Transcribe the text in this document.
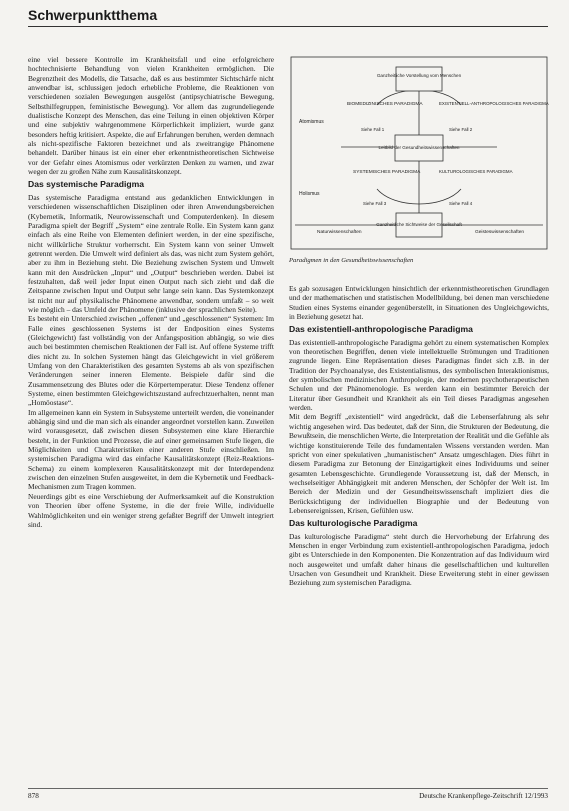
Schwerpunktthema

eine viel bessere Kontrolle im Krankheitsfall und eine erfolgreichere hochtechnisierte Behandlung von vielen Krankheiten ermöglichen. Die Begrenztheit des Modells, die Tatsache, daß es aus bestimmter Sichtschärfe nicht anwendbar ist, schlussigen jedoch erhebliche Probleme, die Reaktionen von verschiedenen sozialen Bewegungen ausgelöst (antipsychiatrische Bewegung, Selbsthilfegruppen, feministische Bewegung). Vor allem das zugrundeliegende dualistische Konzept des Menschen, das eine Teilung in einen objektiven Körper und eine subjektiv wahrgenommene Körperlichkeit impliziert, wurde ganz besonders heftig kritisiert. Aspekte, die auf Erfahrungen beruhen, werden demnach als nicht-spezifische Faktoren bezeichnet und als zweitrangige Phänomene behandelt. Darüber hinaus ist ein einer eher erkenntnistheoretischen Sichtweise vor der Gefahr eines Atomismus oder verkürzten Denken zu warnen, und zwar wegen der zu großen Nähe zum Kausalitätskonzept.

Das systemische Paradigma

Das systemische Paradigma entstand aus gedanklichen Entwicklungen in verschiedenen wissenschaftlichen Disziplinen oder ihren Anwendungsbereichen (Kybernetik, Informatik, Neurowissenschaft und Computerdenken). In diesem Paradigma spielt der Begriff „System“ eine zentrale Rolle. Ein System kann ganz einfach als eine Reihe von Elementen definiert werden, in der eine spezifische, nicht willkürliche Struktur vorherrscht. Ein System kann von seiner Umwelt getrennt werden. Die Umwelt wird definiert als das, was nicht zum System gehört, aber zu ihm in Beziehung steht. Die Beziehung zwischen System und Umwelt kann mit den Ausdrücken „Input“ und „Output“ beschrieben werden. Dabei ist festzuhalten, daß weil jeder Input einen Output nach sich zieht und daß die Zeitspanne zwischen Input und Output sehr lange sein kann. Das Systemkonzept ist nicht nur auf physikalische Phänomene anwendbar, sondern umfaßt – so weit wie möglich – das Umfeld der Phänomene (inklusive der sprachlichen Seite).

Es besteht ein Unterschied zwischen „offenen“ und „geschlossenen“ Systemen: Im Falle eines geschlossenen Systems ist der Endposition eines Systems (Gleichgewicht) fast vollständig von der Anfangsposition abhängig, so wie dies auch bei bestimmten chemischen Reaktionen der Fall ist. Auf offene Systeme trifft dies nicht zu. In solchen Systemen hängt das Gleichgewicht in viel größerem Umfang von den Charakteristiken des gesamten Systems ab als von spezifischen Veränderungen seiner inneren Elemente. Beispiele dafür sind die Zusammensetzung des Blutes oder die Körpertemperatur. Diese Tendenz offener Systeme, einen bestimmten Gleichgewichtszustand aufrechtzuerhalten, nennt man „Homöostase“.

Im allgemeinen kann ein System in Subsysteme unterteilt werden, die voneinander abhängig sind und die man sich als einander angeordnet vorstellen kann. Zuweilen wird vorausgesetzt, daß zwischen diesen Subsystemen eine klare Hierarchie besteht, in der Funktion und Prozesse, die auf einer gemeinsamen Stufe liegen, die Möglichkeiten und Charakteristiken einer anderen Stufe einschließen. Im systemischen Paradigma wird das einfache Kausalitätskonzept (Reiz-Reaktions-Schema) zu einem komplexeren Kausalitätskonzept mit der Interdependenz zwischen den einzelnen Stufen ausgeweitet, in dem die Kybernetik und Feedback-Mechanismen zum Tragen kommen.

Neuerdings gibt es eine Verschiebung der Aufmerksamkeit auf die Konstruktion von Theorien über offene Systeme, in die der freie Wille, individuelle Wahlmöglichkeiten und ein weniger streng gefaßter Begriff der Umwelt integriert sind.

Ganzheitliche Vorstellung vom Menschen
Leitbild der Gesundheitswissenschaften
Ganzheitliche Sichtweise der Gesellschaft
BIOMEDIZINISCHES PARADIGMA
Siehe Fall 1
EXISTENTIELL-ANTHROPOLOGISCHES PARADIGMA
Siehe Fall 2
SYSTEMISCHES PARADIGMA
Siehe Fall 3
KULTUROLOGISCHES PARADIGMA
Siehe Fall 4
Atomismus
Holismus
Naturwissenschaften	Geisteswissenschaften
Paradigmen in den Gesundheitswissenschaften

Es gab sozusagen Entwicklungen hinsichtlich der erkenntnistheoretischen Grundlagen und der mathematischen und statistischen Modellbildung, bei denen man verschiedene Studien eines Systems einander gegenüberstellt, in Situationen des Ungleichgewichts, in Beziehung gesetzt hat.

Das existentiell-anthropologische Paradigma

Das existentiell-anthropologische Paradigma gehört zu einem systematischen Komplex von theoretischen Begriffen, denen viele intellektuelle Strömungen und Traditionen zugrunde liegen. Eine Repräsentation dieses Paradigmas findet sich z.B. in der Tradition der Psychoanalyse, des Existentialismus, des symbolischen Interaktionismus, der symbolischen medizinischen Anthropologie, der modernen psychotherapeutischen Schulen und der Phänomenologie. Es werden kann ein bestimmter Bereich der Literatur über Gesundheit und Krankheit als ein Teil dieses Paradigmas angesehen werden.

Mit dem Begriff „existentiell“ wird angedrückt, daß die Lebenserfahrung als sehr wichtig angesehen wird. Das bedeutet, daß der Sinn, die Strukturen der Bedeutung, die Bewußtsein, die menschlichen Werte, die Interpretation der Realität und die Gefühle als wichtige konstituierende Teile des fundamentalen Wissens verstanden werden. Man spricht von einer spekulativen „humanistischen“ Ansatz umgeschlagen. Dies führt in diesem Paradigma zur Betonung der Einzigartigkeit eines Individuums und seiner gesamten Lebensgeschichte. Grundlegende Voraussetzung ist, daß der Mensch, in wechselseitiger Abhängigkeit mit anderen Menschen, der Schöpfer der Welt ist. Im Bereich der Medizin und der Gesundheitswissenschaft impliziert dies die Berücksichtigung der individuellen Biographie und der Bedeutung von Lebensereignissen, Krisen, Gefühlen usw.

Das kulturologische Paradigma

Das kulturologische Paradigma“ steht durch die Hervorhebung der Erfahrung des Menschen in enger Verbindung zum existentiell-anthropologischen Paradigma, jedoch gibt es Unterschiede in den Komponenten. Die Konzentration auf das Individuum wird noch ausgeweitet und umfaßt daher hinaus die gesellschaftlichen und kulturellen Ursachen von Gesundheit und Krankheit. Diese Erweiterung steht in einer gewissen Beziehung zum systemischen Paradigma.

878	Deutsche Krankenpflege-Zeitschrift 12/1993
